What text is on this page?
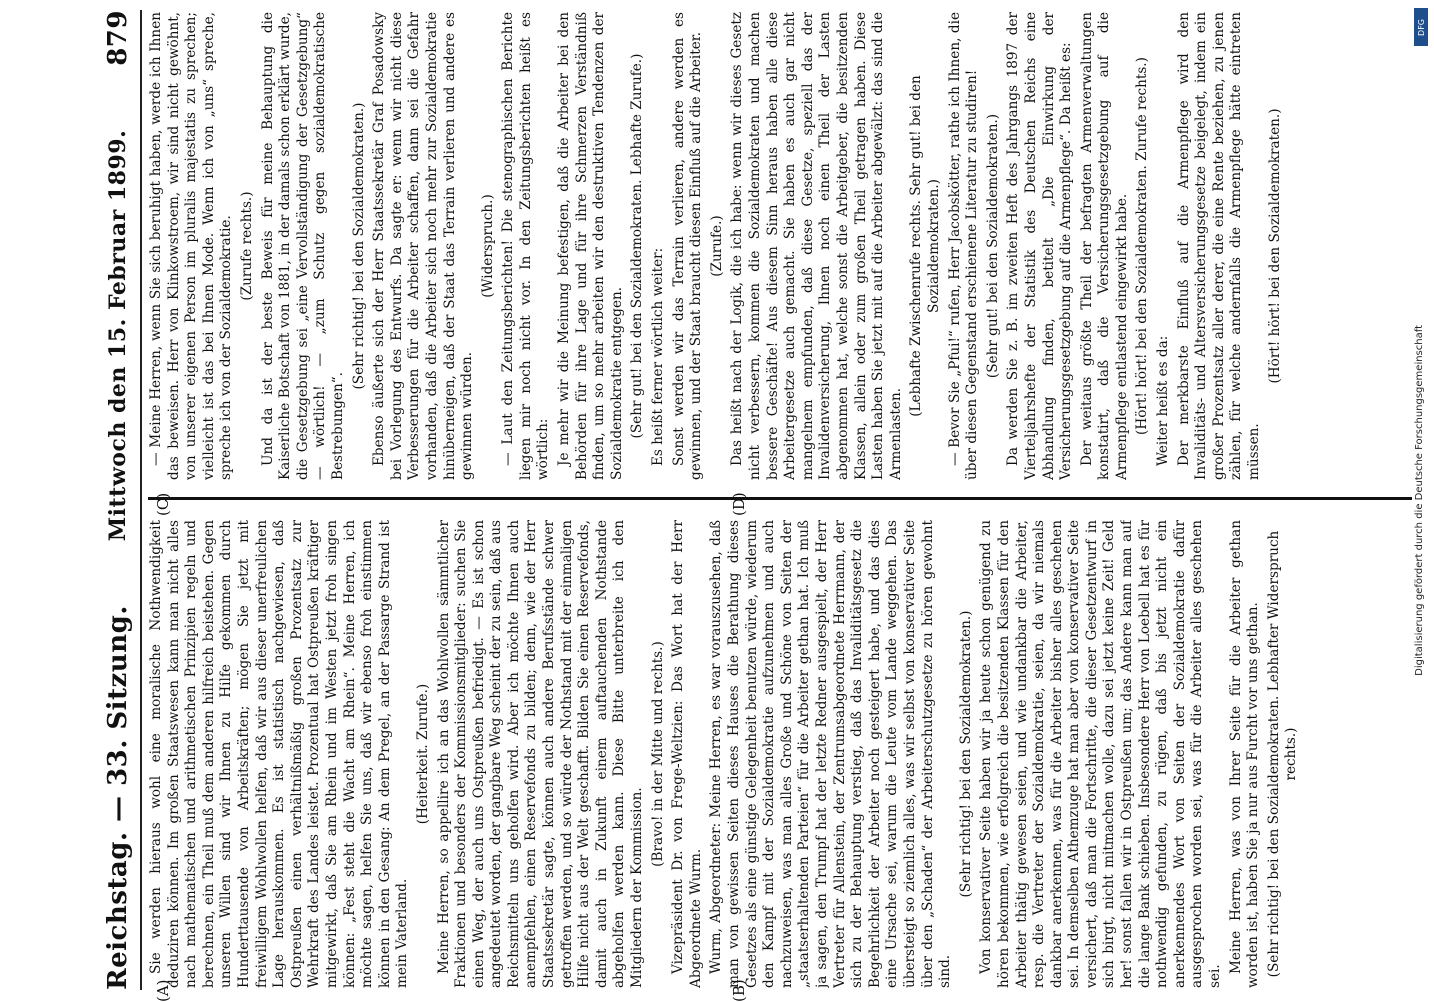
Reichstag. — 33. Sitzung.
Mittwoch den 15. Februar 1899.
879

Sie werden hieraus wohl eine moralische Nothwendigkeit deduziren können. Im großen Staatswesen kann man nicht alles nach mathematischen und arithmetischen Prinzipien regeln und berechnen, ein Theil muß dem anderen hilfreich beistehen. Gegen unseren Willen sind wir Ihnen zu Hilfe gekommen durch Hunderttausende von Arbeitskräften; mögen Sie jetzt mit freiwilligem Wohlwollen helfen, daß wir aus dieser unerfreulichen Lage herauskommen. Es ist statistisch nachgewiesen, daß Ostpreußen einen verhältnißmäßig großen Prozentsatz zur Wehrkraft des Landes leistet. Prozentual hat Ostpreußen kräftiger mitgewirkt, daß Sie am Rhein und im Westen jetzt froh singen können: „Fest steht die Wacht am Rhein“. Meine Herren, ich möchte sagen, helfen Sie uns, daß wir ebenso froh einstimmen können in den Gesang: An dem Pregel, an der Passarge Strand ist mein Vaterland.

(Heiterkeit. Zurufe.) Meine Herren, so appellire ich an das Wohlwollen sämmtlicher Fraktionen und besonders der Kommissionsmitglieder: suchen Sie einen Weg, der auch uns Ostpreußen befriedigt. — Es ist schon angedeutet worden, der gangbare Weg scheint der zu sein, daß aus Reichsmitteln uns geholfen wird. Aber ich möchte Ihnen auch anempfehlen, einen Reservefonds zu bilden; denn, wie der Herr Staatssekretär sagte, können auch andere Berufsstände schwer getroffen werden, und so würde der Nothstand mit der einmaligen Hilfe nicht aus der Welt geschafft. Bilden Sie einen Reservefonds, damit auch in Zukunft einem auftauchenden Nothstande abgeholfen werden kann. Diese Bitte unterbreite ich den Mitgliedern der Kommission.

(Bravo! in der Mitte und rechts.) Vizepräsident Dr. von Frege-Weltzien: Das Wort hat der Herr Abgeordnete Wurm. Wurm, Abgeordneter: Meine Herren, es war vorauszusehen, daß man von gewissen Seiten dieses Hauses die Berathung dieses Gesetzes als eine günstige Gelegenheit benutzen würde, wiederum den Kampf mit der Sozialdemokratie aufzunehmen und auch nachzuweisen, was man alles Große und Schöne von Seiten der „staatserhaltenden Parteien“ für die Arbeiter gethan hat. Ich muß ja sagen, den Trumpf hat der letzte Redner ausgespielt, der Herr Vertreter für Allenstein, der Zentrumsabgeordnete Herrmann, der sich zu der Behauptung verstieg, daß das Invaliditätsgesetz die Begehrlichkeit der Arbeiter noch gesteigert habe, und das dies eine Ursache sei, warum die Leute vom Lande weggehen. Das übersteigt so ziemlich alles, was wir selbst von konservativer Seite über den „Schaden“ der Arbeiterschutzgesetze zu hören gewohnt sind.

(Sehr richtig! bei den Sozialdemokraten.) Von konservativer Seite haben wir ja heute schon genügend zu hören bekommen, wie erfolgreich die besitzenden Klassen für den Arbeiter thätig gewesen seien, und wie undankbar die Arbeiter, resp. die Vertreter der Sozialdemokratie, seien, da wir niemals dankbar anerkennen, was für die Arbeiter bisher alles geschehen sei. In demselben Athemzuge hat man aber von konservativer Seite versichert, daß man die Fortschritte, die dieser Gesetzentwurf in sich birgt, nicht mitmachen wolle, dazu sei jetzt keine Zeit! Geld her! sonst fallen wir in Ostpreußen um; das Andere kann man auf die lange Bank schieben. Insbesondere Herr von Loebell hat es für nothwendig gefunden, zu rügen, daß bis jetzt nicht ein anerkennendes Wort von Seiten der Sozialdemokratie dafür ausgesprochen worden sei, was für die Arbeiter alles geschehen sei.

Meine Herren, was von Ihrer Seite für die Arbeiter gethan worden ist, haben Sie ja nur aus Furcht vor uns gethan. (Sehr richtig! bei den Sozialdemokraten. Lebhafter Widerspruch rechts.)

— Meine Herren, wenn Sie sich beruhigt haben, werde ich Ihnen das beweisen. Herr von Klinkowstroem, wir sind nicht gewöhnt, von unserer eigenen Person im pluralis majestatis zu sprechen; vielleicht ist das bei Ihnen Mode. Wenn ich von „uns“ spreche, spreche ich von der Sozialdemokratie. (Zurufe rechts.) Und da ist der beste Beweis für meine Behauptung die Kaiserliche Botschaft von 1881, in der damals schon erklärt wurde, die Gesetzgebung sei „eine Vervollständigung der Gesetzgebung“ — wörtlich! — „zum Schutz gegen sozialdemokratische Bestrebungen“.

(Sehr richtig! bei den Sozialdemokraten.) Ebenso äußerte sich der Herr Staatssekretär Graf Posadowsky bei Vorlegung des Entwurfs. Da sagte er: wenn wir nicht diese Verbesserungen für die Arbeiter schaffen, dann sei die Gefahr vorhanden, daß die Arbeiter sich noch mehr zur Sozialdemokratie hinüberneigen, daß der Staat das Terrain verlieren und andere es gewinnen würden.

(Widerspruch.) — Laut den Zeitungsberichten! Die stenographischen Berichte liegen mir noch nicht vor. In den Zeitungsberichten heißt es wörtlich: Je mehr wir die Meinung befestigen, daß die Arbeiter bei den Behörden für ihre Lage und für ihre Schmerzen Verständniß finden, um so mehr arbeiten wir den destruktiven Tendenzen der Sozialdemokratie entgegen. (Sehr gut! bei den Sozialdemokraten. Lebhafte Zurufe.) Es heißt ferner wörtlich weiter: Sonst werden wir das Terrain verlieren, andere werden es gewinnen, und der Staat braucht diesen Einfluß auf die Arbeiter. (Zurufe.) Das heißt nach der Logik, die ich habe: wenn wir dieses Gesetz nicht verbessern, kommen die Sozialdemokraten und machen bessere Geschäfte! Aus diesem Sinn heraus haben alle diese Arbeitergesetze auch gemacht. Sie haben es auch gar nicht mangelnem empfunden, daß diese Gesetze, speziell das der Invalidenversicherung, Ihnen noch einen Theil der Lasten abgenommen hat, welche sonst die Arbeitgeber, die besitzenden Klassen, allein oder zum großen Theil getragen haben. Diese Lasten haben Sie jetzt mit auf die Arbeiter abgewälzt: das sind die Armenlasten.

(Lebhafte Zwischenrufe rechts. Sehr gut! bei den Sozialdemokraten.) — Bevor Sie „Pfui!“ rufen, Herr Jacobskötter, rathe ich Ihnen, die über diesen Gegenstand erschienene Literatur zu studiren! (Sehr gut! bei den Sozialdemokraten.) Da werden Sie z. B. im zweiten Heft des Jahrgangs 1897 der Vierteljahrshefte der Statistik des Deutschen Reichs eine Abhandlung finden, betitelt „Die Einwirkung der Versicherungsgesetzgebung auf die Armenpflege“. Da heißt es: Der weitaus größte Theil der befragten Armenverwaltungen konstatirt, daß die Versicherungsgesetzgebung auf die Armenpflege entlastend eingewirkt habe. (Hört! hört! bei den Sozialdemokraten. Zurufe rechts.) Weiter heißt es da: Der merkbarste Einfluß auf die Armenpflege wird den Invaliditäts- und Altersversicherungsgesetze beigelegt, indem ein großer Prozentsatz aller derer, die eine Rente beziehen, zu jenen zählen, für welche andernfalls die Armenpflege hätte eintreten müssen.

(Hört! hört! bei den Sozialdemokraten.)

(A)	(B)
(C)	(D)
DFG
Digitalisierung gefördert durch die Deutsche Forschungsgemeinschaft
